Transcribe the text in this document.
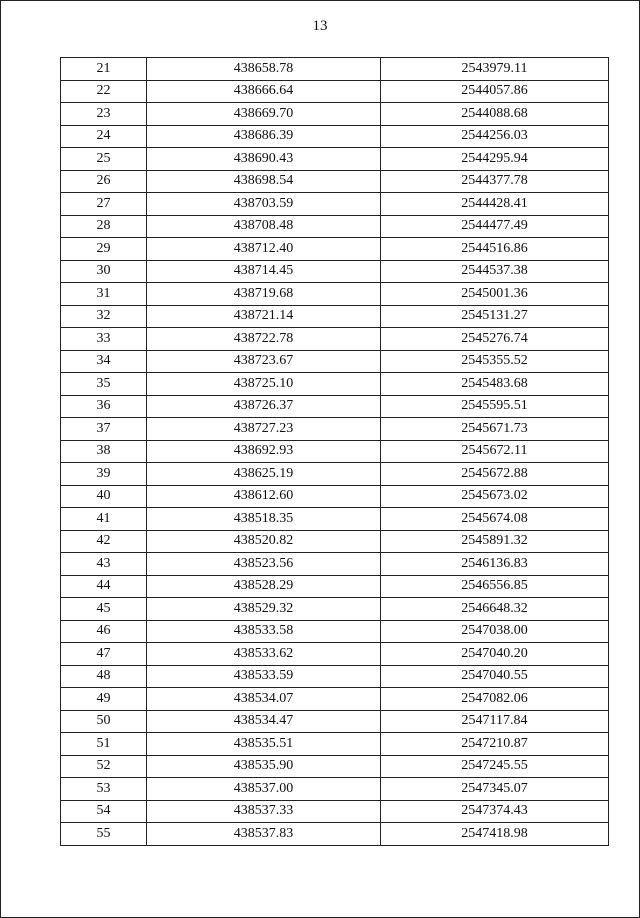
13
21	438658.78	2543979.11
22	438666.64	2544057.86
23	438669.70	2544088.68
24	438686.39	2544256.03
25	438690.43	2544295.94
26	438698.54	2544377.78
27	438703.59	2544428.41
28	438708.48	2544477.49
29	438712.40	2544516.86
30	438714.45	2544537.38
31	438719.68	2545001.36
32	438721.14	2545131.27
33	438722.78	2545276.74
34	438723.67	2545355.52
35	438725.10	2545483.68
36	438726.37	2545595.51
37	438727.23	2545671.73
38	438692.93	2545672.11
39	438625.19	2545672.88
40	438612.60	2545673.02
41	438518.35	2545674.08
42	438520.82	2545891.32
43	438523.56	2546136.83
44	438528.29	2546556.85
45	438529.32	2546648.32
46	438533.58	2547038.00
47	438533.62	2547040.20
48	438533.59	2547040.55
49	438534.07	2547082.06
50	438534.47	2547117.84
51	438535.51	2547210.87
52	438535.90	2547245.55
53	438537.00	2547345.07
54	438537.33	2547374.43
55	438537.83	2547418.98
